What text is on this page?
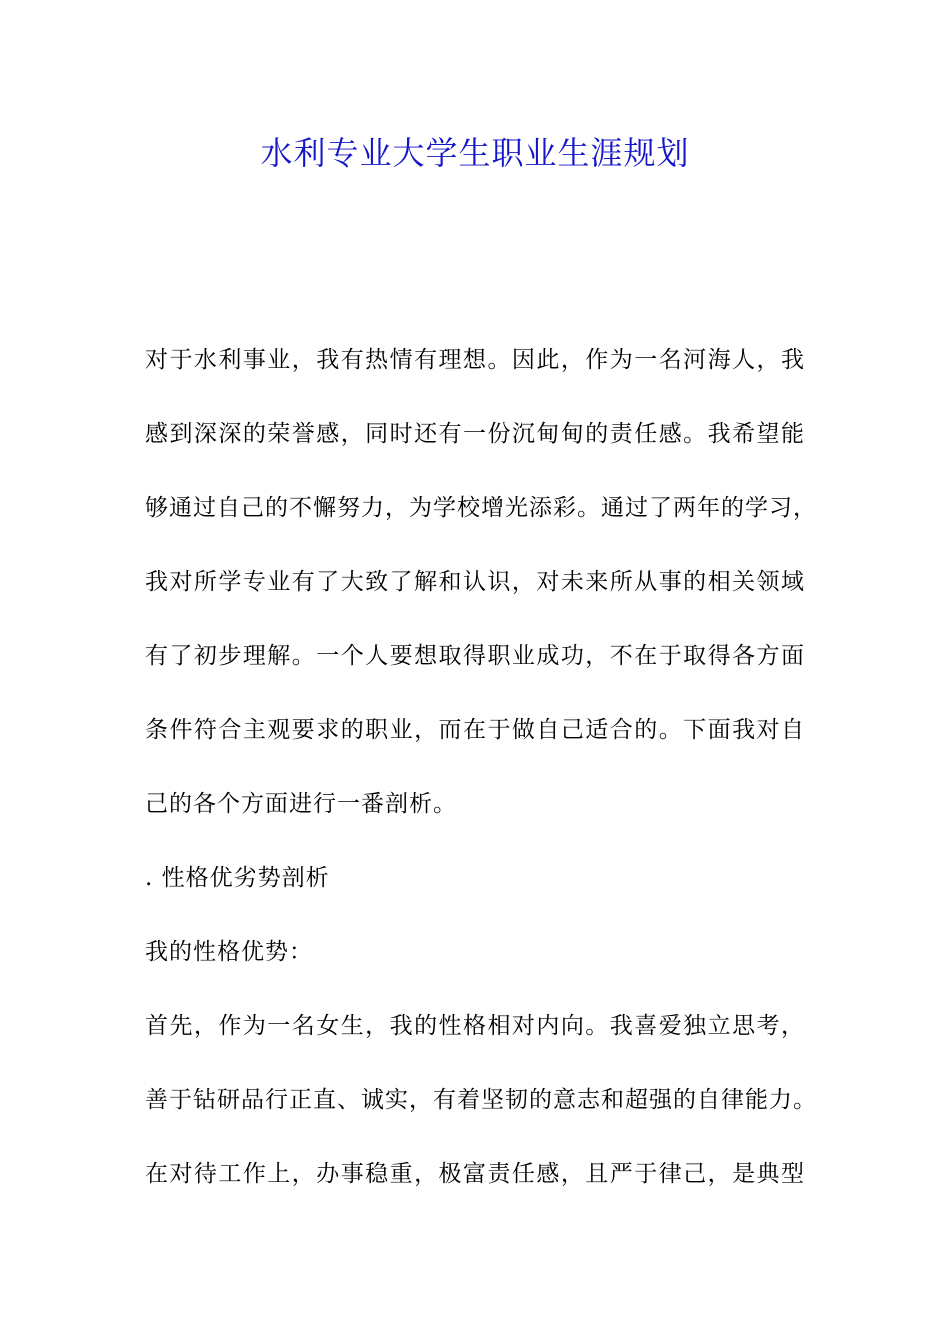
水利专业大学生职业生涯规划
对于水利事业，我有热情有理想。因此，作为一名河海人，我
感到深深的荣誉感，同时还有一份沉甸甸的责任感。我希望能
够通过自己的不懈努力，为学校增光添彩。通过了两年的学习，
我对所学专业有了大致了解和认识，对未来所从事的相关领域
有了初步理解。一个人要想取得职业成功，不在于取得各方面
条件符合主观要求的职业，而在于做自己适合的。下面我对自
己的各个方面进行一番剖析。
. 性格优劣势剖析
我的性格优势：
首先，作为一名女生，我的性格相对内向。我喜爱独立思考，
善于钻研品行正直、诚实，有着坚韧的意志和超强的自律能力。
在对待工作上，办事稳重，极富责任感，且严于律己，是典型
